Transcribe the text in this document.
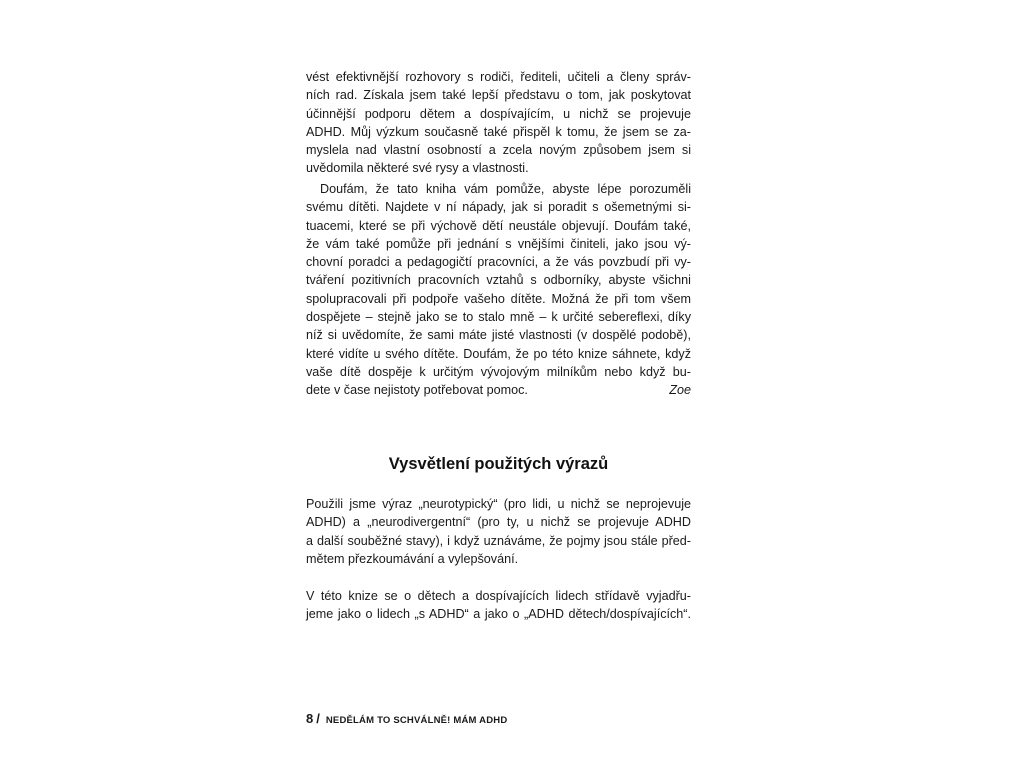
vést efektivnější rozhovory s rodiči, řediteli, učiteli a členy správ-
ních rad. Získala jsem také lepší představu o tom, jak poskytovat
účinnější podporu dětem a dospívajícím, u nichž se projevuje
ADHD. Můj výzkum současně také přispěl k tomu, že jsem se za-
myslela nad vlastní osobností a zcela novým způsobem jsem si
uvědomila některé své rysy a vlastnosti.
Doufám, že tato kniha vám pomůže, abyste lépe porozuměli
svému dítěti. Najdete v ní nápady, jak si poradit s ošemetnými si-
tuacemi, které se při výchově dětí neustále objevují. Doufám také,
že vám také pomůže při jednání s vnějšími činiteli, jako jsou vý-
chovní poradci a pedagogičtí pracovníci, a že vás povzbudí při vy-
tváření pozitivních pracovních vztahů s odborníky, abyste všichni
spolupracovali při podpoře vašeho dítěte. Možná že při tom všem
dospějete – stejně jako se to stalo mně – k určité sebereflexi, díky
níž si uvědomíte, že sami máte jisté vlastnosti (v dospělé podobě),
které vidíte u svého dítěte. Doufám, že po této knize sáhnete, když
vaše dítě dospěje k určitým vývojovým milníkům nebo když bu-
dete v čase nejistoty potřebovat pomoc.	Zoe
Vysvětlení použitých výrazů
Použili jsme výraz „neurotypický“ (pro lidi, u nichž se neprojevuje
ADHD) a „neurodivergentní“ (pro ty, u nichž se projevuje ADHD
a další souběžné stavy), i když uznáváme, že pojmy jsou stále před-
mětem přezkoumávání a vylepšování.
V této knize se o dětech a dospívajících lidech střídavě vyjadřu-
jeme jako o lidech „s ADHD“ a jako o „ADHD dětech/dospívajících“.
8 / NEDĚLÁM TO SCHVÁLNĚ! MÁM ADHD
